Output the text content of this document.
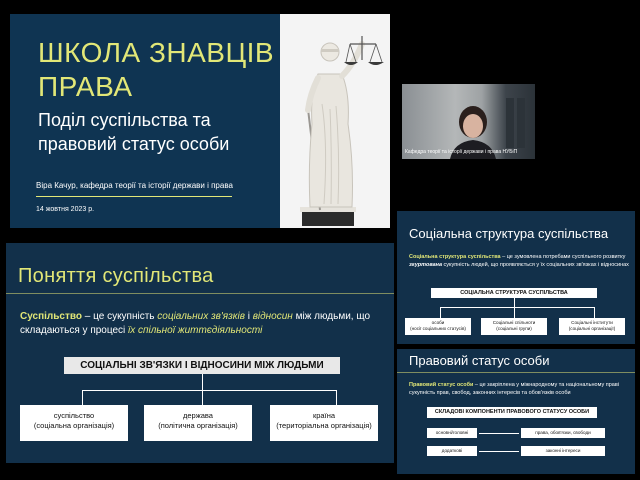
ШКОЛА ЗНАВЦІВ ПРАВА
Поділ суспільства та правовий статус особи
Віра Качур, кафедра теорії та історії держави і права
14 жовтня 2023 р.
Кафедра теорії та історії держави і права НУБіП
Поняття суспільства
Суспільство – це сукупність соціальних зв'язків і відносин між людьми, що складаються у процесі їх спільної життєдіяльності
СОЦІАЛЬНІ ЗВ'ЯЗКИ І ВІДНОСИНИ МІЖ ЛЮДЬМИ
суспільство
(соціальна організація)
держава
(політична організація)
країна
(територіальна організація)
Соціальна структура суспільства
Соціальна структура суспільства – це зумовлена потребами суспільного розвитку згуртована сукупність людей, що проявляється у їх соціальних зв'язках і відносинах
СОЦІАЛЬНА СТРУКТУРА СУСПІЛЬСТВА
особи
(носії соціальних статусів)
Соціальні спільноти
(соціальні групи)
Соціальні інститути
(соціальні організації)
Правовий статус особи
Правовий статус особи – це закріплена у міжнародному та національному праві сукупність прав, свобод, законних інтересів та обов'язків особи
СКЛАДОВІ КОМПОНЕНТИ ПРАВОВОГО СТАТУСУ ОСОБИ
основні/головні
додаткові
права, обов'язки, свободи
законні інтереси
